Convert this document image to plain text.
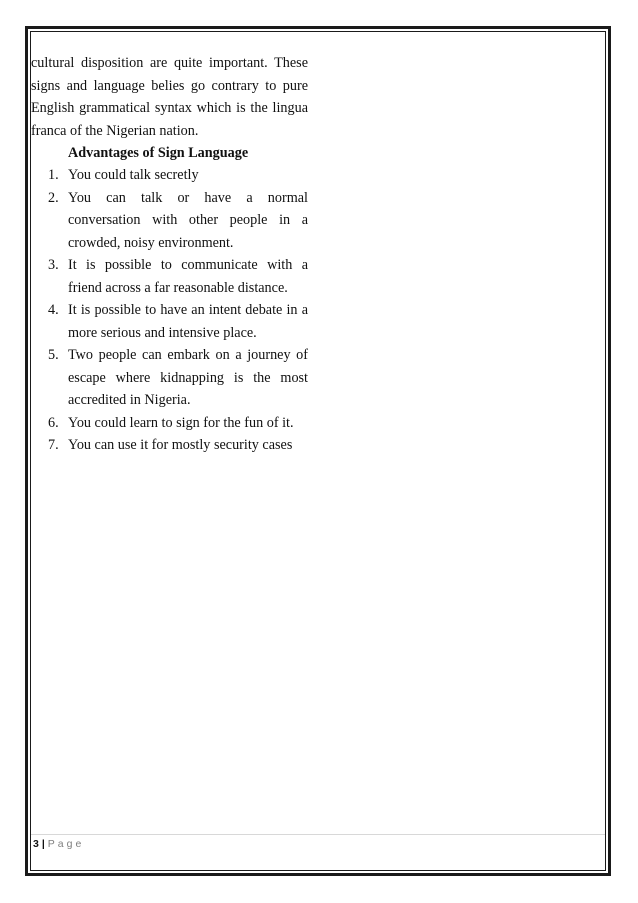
cultural disposition are quite important. These signs and language belies go contrary to pure English grammatical syntax which is the lingua franca of the Nigerian nation.

Advantages of Sign Language

1. You could talk secretly
2. You can talk or have a normal conversation with other people in a crowded, noisy environment.
3. It is possible to communicate with a friend across a far reasonable distance.
4. It is possible to have an intent debate in a more serious and intensive place.
5. Two people can embark on a journey of escape where kidnapping is the most accredited in Nigeria.
6. You could learn to sign for the fun of it.
7. You can use it for mostly security cases
3 | Page
